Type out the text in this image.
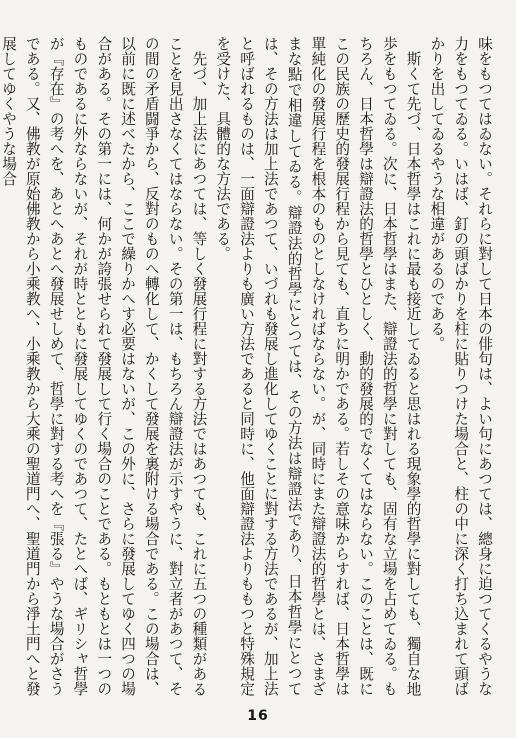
味をもつてはゐない。それらに對して日本の俳句は、よい句にあつては、總身に迫つてくるやうな力をもつてゐる。いはば、釘の頭ばかりを柱に貼りつけた場合と、柱の中に深く打ち込まれて頭ばかりを出してゐるやうな相違があるのである。

斯くて先づ、日本哲學はこれに最も接近してゐると思はれる現象學的哲學に對しても、獨自な地歩をもつてゐる。次に、日本哲學はまた、辯證法的哲學に對しても、固有な立場を占めてゐる。もちろん、日本哲學は辯證法的哲學とひとしく、動的發展的でなくてはならない。このことは、既にこの民族の歷史的發展行程から見ても、直ちに明かである。若しその意味からすれば、日本哲學は單純化の發展行程を根本のものとしなければならない。が、同時にまた辯證法的哲學とは、さまざまな點で相違してゐる。辯證法的哲學にとつては、その方法は辯證法であり、日本哲學にとつては、その方法は加上法であつて、いづれも發展し進化してゆくことに對する方法であるが、加上法と呼ばれるものは、一面辯證法よりも廣い方法であると同時に、他面辯證法よりももつと特殊規定を受けた、具體的な方法である。

先づ、加上法にあつては、等しく發展行程に對する方法ではあつても、これに五つの種類があることを見出さなくてはならない。その第一は、もちろん辯證法が示すやうに、對立者があつて、その間の矛盾闘爭から、反對のものへ轉化して、かくして發展を裏附ける場合である。この場合は、以前に既に述べたから、ここで繰りかへす必要はないが、この外に、さらに發展してゆく四つの場合がある。その第一には、何かが誇張せられて發展して行く場合のことである。もともとは一つのものであるに外ならないが、それが時とともに發展してゆくのであつて、たとへば、ギリシャ哲學が『存在』の考へを、あとへあとへ發展せしめて、哲學に對する考へを『張る』やうな場合がさうである。又、佛教が原始佛教から小乘教へ、小乘教から大乘の聖道門へ、聖道門から淨土門へと發展してゆくやうな場合

16
